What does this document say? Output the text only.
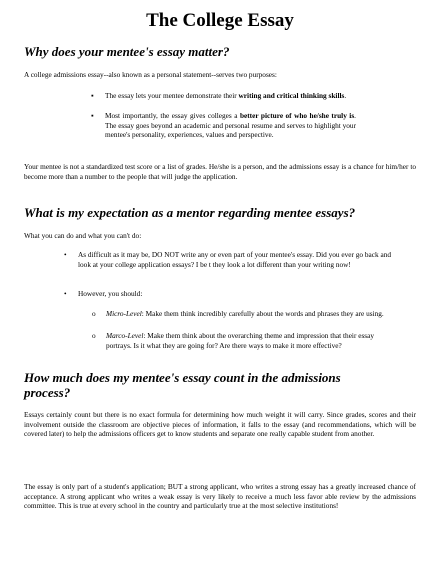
The College Essay
Why does your mentee's essay matter?
A college admissions essay--also known as a personal statement--serves two purposes:
▪ The essay lets your mentee demonstrate their writing and critical thinking skills.
▪ Most importantly, the essay gives colleges a better picture of who he/she truly is. The essay goes beyond an academic and personal resume and serves to highlight your mentee's personality, experiences, values and perspective.
Your mentee is not a standardized test score or a list of grades. He/she is a person, and the admissions essay is a chance for him/her to become more than a number to the people that will judge the application.
What is my expectation as a mentor regarding mentee essays?
What you can do and what you can't do:
• As difficult as it may be, DO NOT write any or even part of your mentee's essay. Did you ever go back and look at your college application essays? I be t they look a lot different than your writing now!
• However, you should:
o Micro-Level: Make them think incredibly carefully about the words and phrases they are using.
o Marco-Level: Make them think about the overarching theme and impression that their essay portrays. Is it what they are going for? Are there ways to make it more effective?
How much does my mentee's essay count in the admissions
process?
Essays certainly count but there is no exact formula for determining how much weight it will carry. Since grades, scores and their involvement outside the classroom are objective pieces of information, it falls to the essay (and recommendations, which will be covered later) to help the admissions officers get to know students and separate one really capable student from another.
The essay is only part of a student's application; BUT a strong applicant, who writes a strong essay has a greatly increased chance of acceptance. A strong applicant who writes a weak essay is very likely to receive a much less favor able review by the admissions committee. This is true at every school in the country and particularly true at the most selective institutions!
